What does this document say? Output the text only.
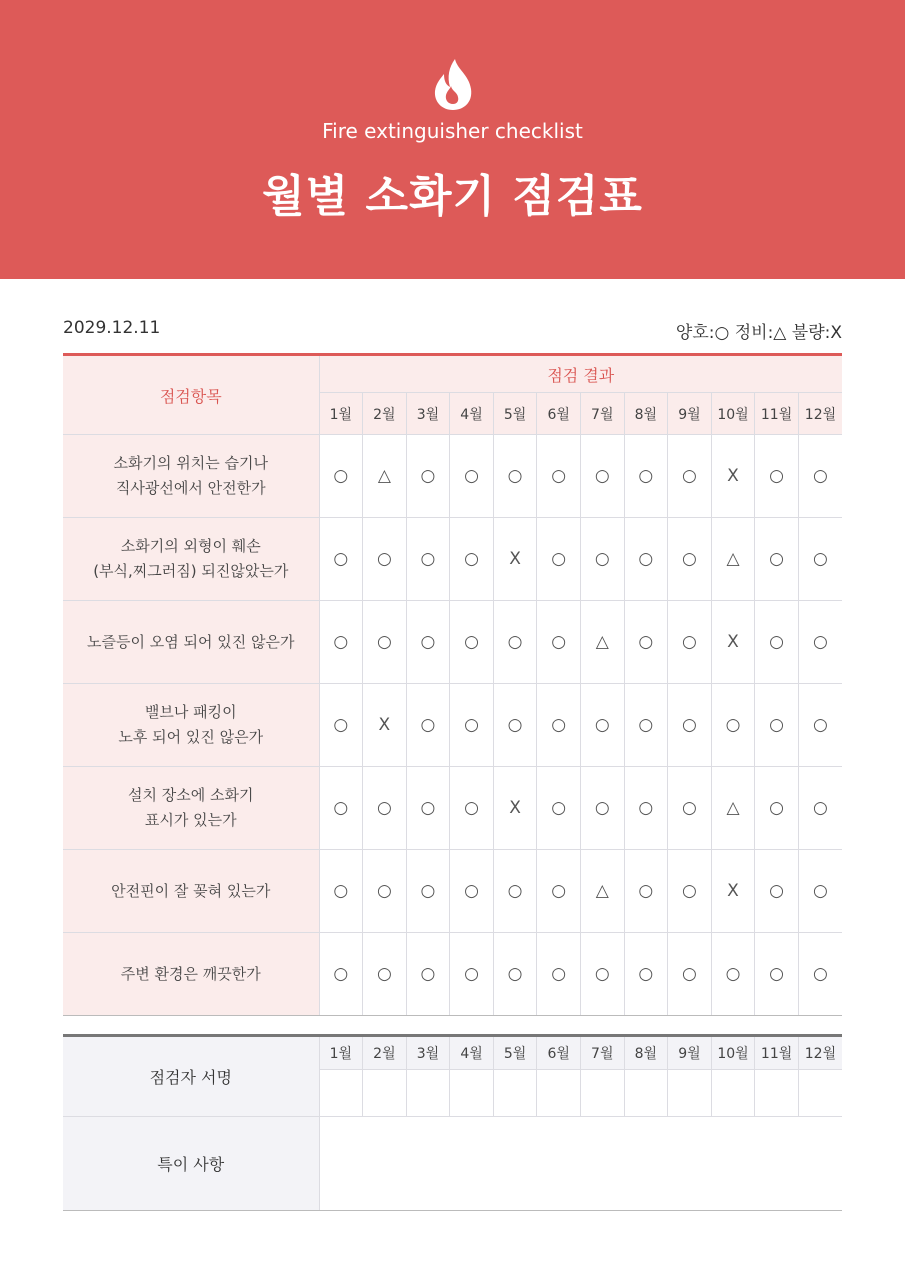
Fire extinguisher checklist
월별 소화기 점검표
2029.12.11	양호:○ 정비:△ 불량:X
점검항목	점검 결과											
	1월	2월	3월	4월	5월	6월	7월	8월	9월	10월	11월	12월

소화기의 위치는 습기나
직사광선에서 안전한가	○	△	○	○	○	○	○	○	○	X	○	○

소화기의 외형이 훼손
(부식,찌그러짐) 되진않았는가	○	○	○	○	X	○	○	○	○	△	○	○

노즐등이 오염 되어 있진 않은가	○	○	○	○	○	○	△	○	○	X	○	○

밸브나 패킹이
노후 되어 있진 않은가	○	X	○	○	○	○	○	○	○	○	○	○

설치 장소에 소화기
표시가 있는가	○	○	○	○	X	○	○	○	○	△	○	○

안전핀이 잘 꽂혀 있는가	○	○	○	○	○	○	△	○	○	X	○	○

주변 환경은 깨끗한가	○	○	○	○	○	○	○	○	○	○	○	○
점검자 서명	1월	2월	3월	4월	5월	6월	7월	8월	9월	10월	11월	12월

특이 사항												
